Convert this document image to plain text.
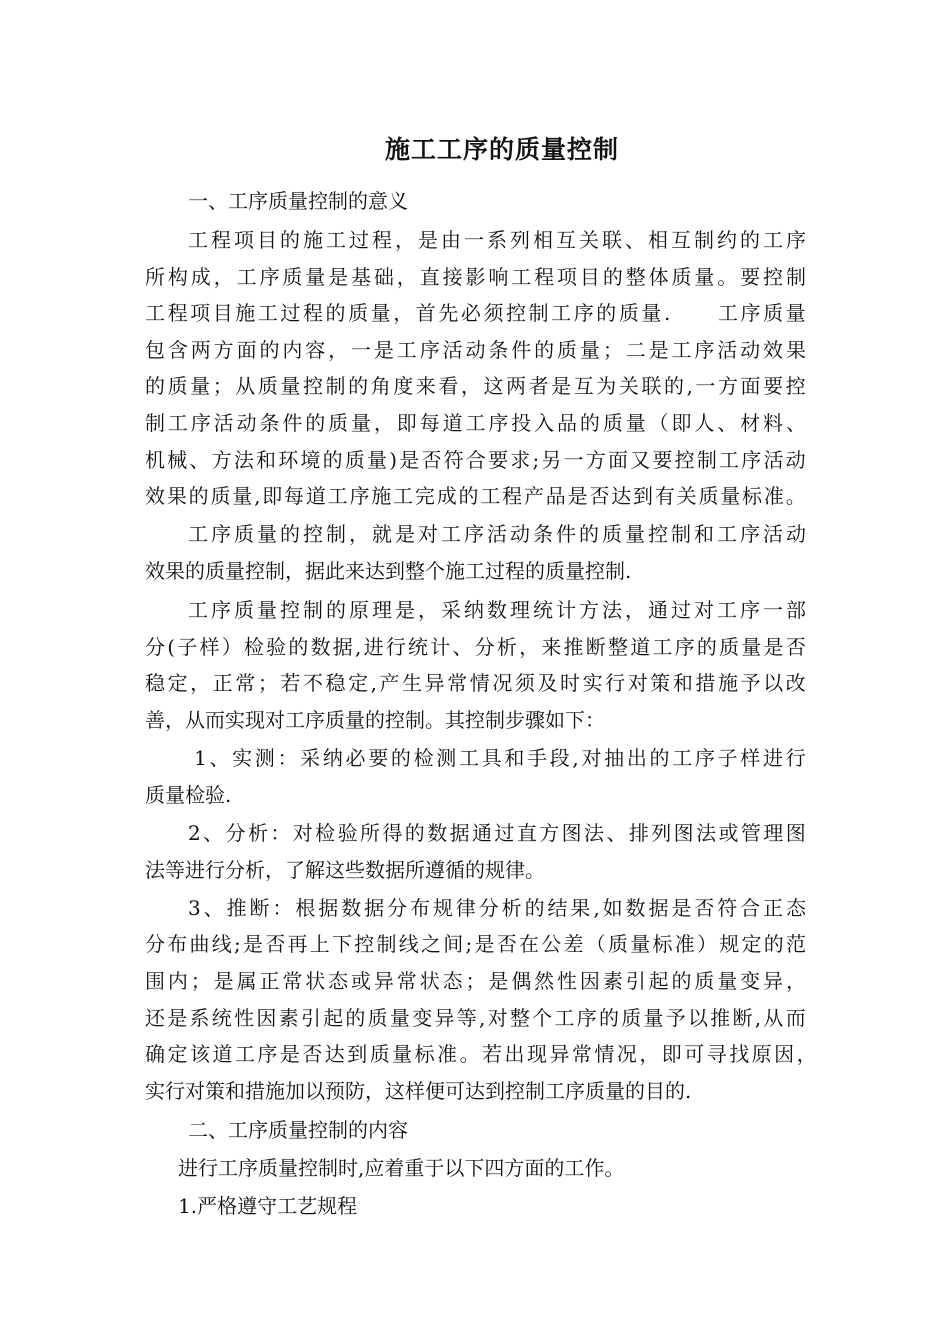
施工工序的质量控制
一、工序质量控制的意义
工 程 项 目 的 施 工 过 程 ， 是 由 一 系 列 相 互 关 联 、 相 互 制 约 的 工 序
所 构 成 ， 工 序 质 量 是 基 础 ， 直 接 影 响 工 程 项 目 的 整 体 质 量 。 要 控 制
工 程 项 目 施 工 过 程 的 质 量 ， 首 先 必 须 控 制 工 序 的 质 量 .

　 工 序 质 量
包 含 两 方 面 的 内 容 ， 一 是 工 序 活 动 条 件 的 质 量 ； 二 是 工 序 活 动 效 果
的 质 量 ； 从 质 量 控 制 的 角 度 来 看 ， 这 两 者 是 互 为 关 联 的 , 一 方 面 要 控
制 工 序 活 动 条 件 的 质 量 ， 即 每 道 工 序 投 入 品 的 质 量 （ 即 人 、 材 料 、
机 械 、 方 法 和 环 境 的 质 量 ) 是 否 符 合 要 求 ; 另 一 方 面 又 要 控 制 工 序 活 动
效 果 的 质 量 , 即 每 道 工 序 施 工 完 成 的 工 程 产 品 是 否 达 到 有 关 质 量 标 准 。
工 序 质 量 的 控 制 ， 就 是 对 工 序 活 动 条 件 的 质 量 控 制 和 工 序 活 动
效果的质量控制，据此来达到整个施工过程的质量控制.
工 序 质 量 控 制 的 原 理 是 ， 采 纳 数 理 统 计 方 法 ， 通 过 对 工 序 一 部
分 ( 子 样 ） 检 验 的 数 据 , 进 行 统 计 、 分 析 ， 来 推 断 整 道 工 序 的 质 量 是 否
稳 定 ， 正 常 ； 若 不 稳 定 , 产 生 异 常 情 况 须 及 时 实 行 对 策 和 措 施 予 以 改
善，从而实现对工序质量的控制。其控制步骤如下：
1 、 实 测 ： 采 纳 必 要 的 检 测 工 具 和 手 段 , 对 抽 出 的 工 序 子 样 进 行
质量检验.
2 、 分 析 ： 对 检 验 所 得 的 数 据 通 过 直 方 图 法 、 排 列 图 法 或 管 理 图
法等进行分析，了解这些数据所遵循的规律。
3 、 推 断 ： 根 据 数 据 分 布 规 律 分 析 的 结 果 , 如 数 据 是 否 符 合 正 态
分 布 曲 线 ; 是 否 再 上 下 控 制 线 之 间 ; 是 否 在 公 差 （ 质 量 标 准 ） 规 定 的 范
围 内 ； 是 属 正 常 状 态 或 异 常 状 态 ； 是 偶 然 性 因 素 引 起 的 质 量 变 异 ，
还 是 系 统 性 因 素 引 起 的 质 量 变 异 等 , 对 整 个 工 序 的 质 量 予 以 推 断 , 从 而
确 定 该 道 工 序 是 否 达 到 质 量 标 准 。 若 出 现 异 常 情 况 ， 即 可 寻 找 原 因 ，
实行对策和措施加以预防，这样便可达到控制工序质量的目的.
二、工序质量控制的内容
进行工序质量控制时,应着重于以下四方面的工作。
1.严格遵守工艺规程
